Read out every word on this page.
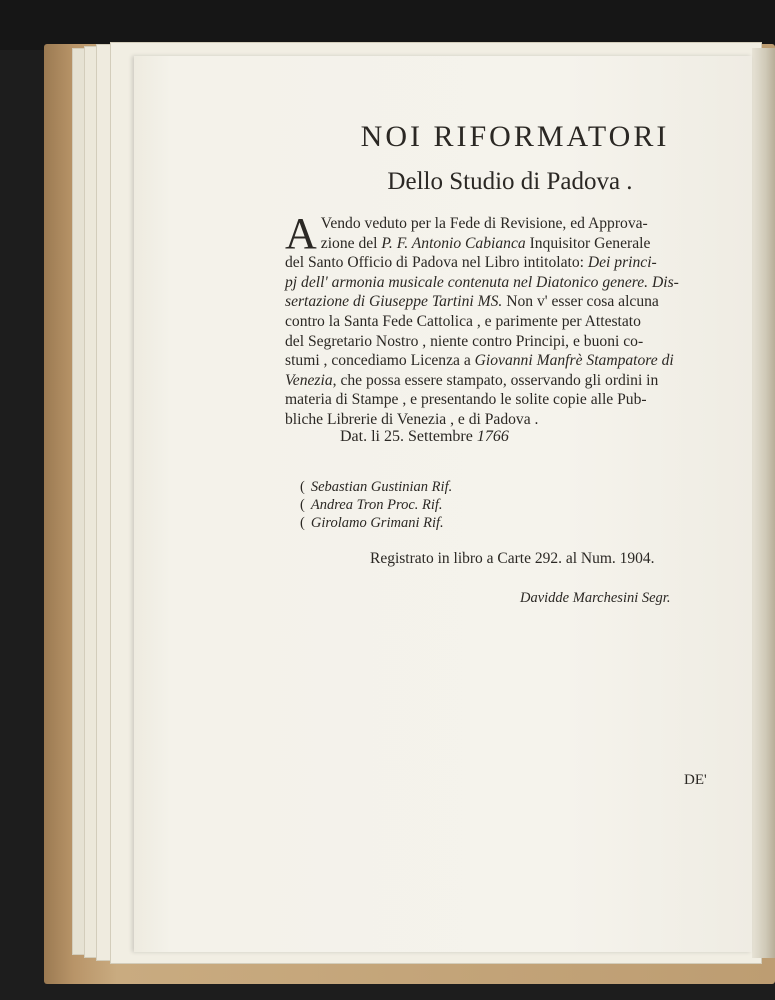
NOI RIFORMATORI
Dello Studio di Padova .
A Vendo veduto per la Fede di Revisione, ed Approva-
zione del P. F. Antonio Cabianca Inquisitor Generale
del Santo Officio di Padova nel Libro intitolato: Dei princi-
pj dell' armonia musicale contenuta nel Diatonico genere. Dis-
sertazione di Giuseppe Tartini MS. Non v' esser cosa alcuna
contro la Santa Fede Cattolica , e parimente per Attestato
del Segretario Nostro , niente contro Principi, e buoni co-
stumi , concediamo Licenza a Giovanni Manfrè Stampatore di
Venezia, che possa essere stampato, osservando gli ordini in
materia di Stampe , e presentando le solite copie alle Pub-
bliche Librerie di Venezia , e di Padova .
Dat. li 25. Settembre 1766
( Sebastian Gustinian Rif.
( Andrea Tron Proc. Rif.
( Girolamo Grimani Rif.
Registrato in libro a Carte 292. al Num. 1904.
Davidde Marchesini Segr.
DE'
